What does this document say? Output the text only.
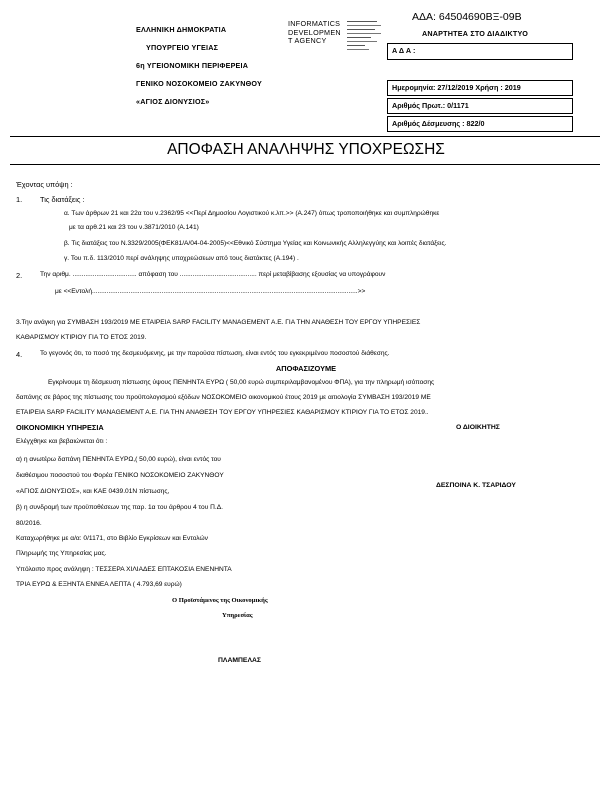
ΑΔΑ: 64504690ΒΞ-09Β
ΕΛΛΗΝΙΚΗ ΔΗΜΟΚΡΑΤΙΑ
ΥΠΟΥΡΓΕΙΟ ΥΓΕΙΑΣ
6η ΥΓΕΙΟΝΟΜΙΚΗ ΠΕΡΙΦΕΡΕΙΑ
ΓΕΝΙΚΟ ΝΟΣΟΚΟΜΕΙΟ ΖΑΚΥΝΘΟΥ
«ΑΓΙΟΣ ΔΙΟΝΥΣΙΟΣ»
INFORMATICS
DEVELOPMEN
T AGENCY
ΑΝΑΡΤΗΤΕΑ ΣΤΟ ΔΙΑΔΙΚΤΥΟ
Α Δ Α :
Ημερομηνία: 27/12/2019 Χρήση : 2019
Αριθμός Πρωτ.: 0/1171
Αριθμός Δέσμευσης : 822/0
ΑΠΟΦΑΣΗ ΑΝΑΛΗΨΗΣ ΥΠΟΧΡΕΩΣΗΣ
Έχοντας υπόψη :
1. Τις διατάξεις :
α. Των άρθρων 21 και 22α του ν.2362/95 <<Περί Δημοσίου Λογιστικού κ.λπ.>> (Α.247) όπως τροποποιήθηκε και συμπληρώθηκε
με τα αρθ.21 και 23 του ν.3871/2010 (Α.141)
β. Τις διατάξεις του Ν.3329/2005(ΦΕΚ81/Α/04-04-2005)<<Εθνικό Σύστημα Υγείας και Κοινωνικής Αλληλεγγύης και λοιπές διατάξεις.
γ. Του π.δ. 113/2010 περί ανάληψης υποχρεώσεων από τους διατάκτες (Α.194) .
2.	Την αριθμ. ................................... απόφαση του .......................................... περί μεταβίβασης εξουσίας να υπογράφουν
με <<Εντολή.................................................................................................................................................>>
3.Την ανάγκη για ΣΥΜΒΑΣΗ 193/2019 ΜΕ ΕΤΑΙΡΕΙΑ SARP FACILITY MANAGEMENT A.E. ΓΙΑ ΤΗΝ ΑΝΑΘΕΣΗ ΤΟΥ ΕΡΓΟΥ ΥΠΗΡΕΣΙΕΣ
ΚΑΘΑΡΙΣΜΟΥ ΚΤΙΡΙΟΥ ΓΙΑ ΤΟ ΕΤΟΣ 2019.
4.	Το γεγονός ότι, το ποσό της δεσμευόμενης, με την παρούσα πίστωση, είναι εντός του εγκεκριμένου ποσοστού διάθεσης.
ΑΠΟΦΑΣΙΖΟΥΜΕ
Εγκρίνουμε τη δέσμευση πίστωσης ύψους ΠΕΝΗΝΤΑ ΕΥΡΩ ( 50,00 ευρώ συμπεριλαμβανομένου ΦΠΑ), για την πληρωμή ισόποσης
δαπάνης σε βάρος της πίστωσης του προϋπολογισμού εξόδων ΝΟΣΟΚΟΜΕΙΟ οικονομικού έτους 2019 με αιτιολογία ΣΥΜΒΑΣΗ 193/2019 ΜΕ
ΕΤΑΙΡΕΙΑ SARP FACILITY MANAGEMENT A.E. ΓΙΑ ΤΗΝ ΑΝΑΘΕΣΗ ΤΟΥ ΕΡΓΟΥ ΥΠΗΡΕΣΙΕΣ ΚΑΘΑΡΙΣΜΟΥ ΚΤΙΡΙΟΥ ΓΙΑ ΤΟ ΕΤΟΣ 2019..
ΟΙΚΟΝΟΜΙΚΗ ΥΠΗΡΕΣΙΑ	Ο ΔΙΟΙΚΗΤΗΣ
Ελέγχθηκε και βεβαιώνεται ότι :
α) η ανωτέρω δαπάνη ΠΕΝΗΝΤΑ ΕΥΡΩ,( 50,00 ευρώ), είναι εντός του
διαθέσιμου ποσοστού του Φορέα ΓΕΝΙΚΟ ΝΟΣΟΚΟΜΕΙΟ ΖΑΚΥΝΘΟΥ
«ΑΓΙΟΣ ΔΙΟΝΥΣΙΟΣ», και ΚΑΕ 0439.01Ν πίστωσης,
ΔΕΣΠΟΙΝΑ Κ. ΤΣΑΡΙΔΟΥ
β) η συνδρομή των προϋποθέσεων της παρ. 1α του άρθρου 4 του Π.Δ.
80/2016.
Καταχωρήθηκε με α/α: 0/1171, στο Βιβλίο Εγκρίσεων και Εντολών
Πληρωμής της Υπηρεσίας μας.
Υπόλοιπο προς ανάληψη : ΤΕΣΣΕΡΑ ΧΙΛΙΑΔΕΣ ΕΠΤΑΚΟΣΙΑ ΕΝΕΝΗΝΤΑ
ΤΡΙΑ ΕΥΡΩ & ΕΞΗΝΤΑ ΕΝΝΕΑ ΛΕΠΤΑ ( 4.793,69 ευρώ)
Ο Προϊστάμενος της Οικονομικής
Υπηρεσίας
ΠΛΑΜΠΕΛΑΣ
